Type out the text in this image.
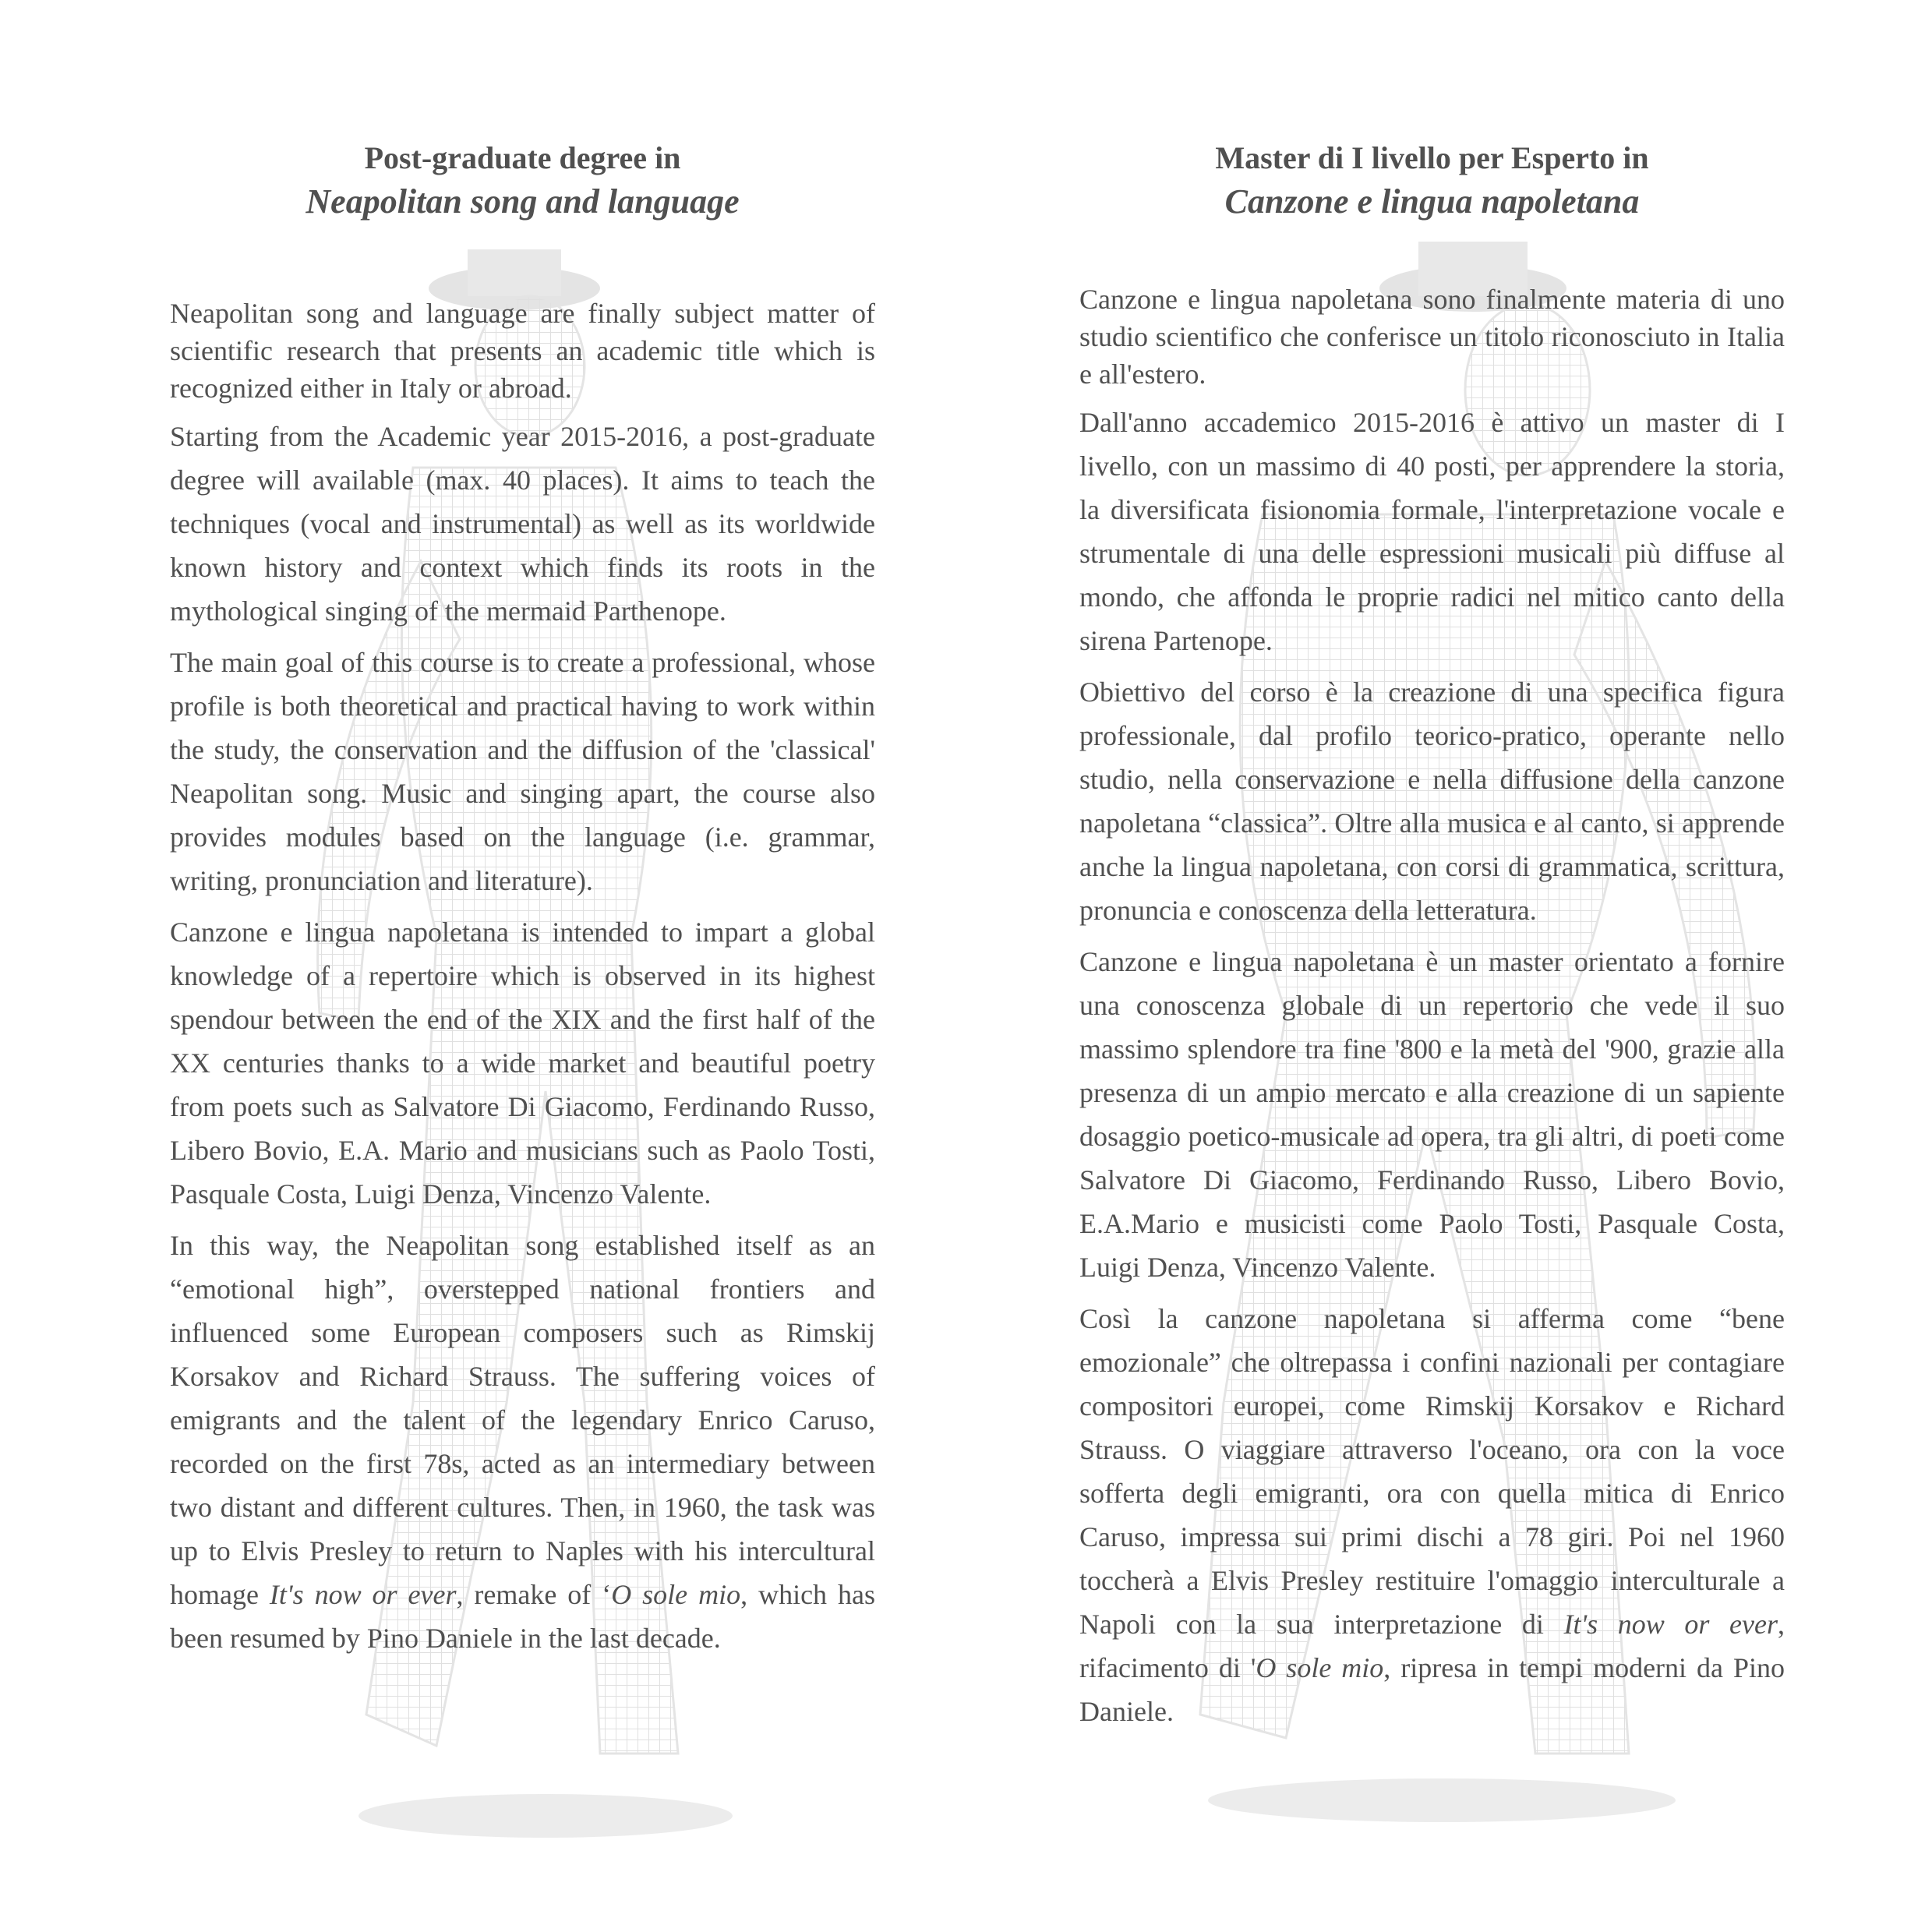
Post-graduate degree in
Neapolitan song and language

Neapolitan song and language are finally subject matter of scientific research that presents an academic title which is recognized either in Italy or abroad.

Starting from the Academic year 2015-2016, a post-graduate degree will available (max. 40 places). It aims to teach the techniques (vocal and instrumental) as well as its worldwide known history and context which finds its roots in the mythological singing of the mermaid Parthenope.

The main goal of this course is to create a professional, whose profile is both theoretical and practical having to work within the study, the conservation and the diffusion of the 'classical' Neapolitan song. Music and singing apart, the course also provides modules based on the language (i.e. grammar, writing, pronunciation and literature).

Canzone e lingua napoletana is intended to impart a global knowledge of a repertoire which is observed in its highest spendour between the end of the XIX and the first half of the XX centuries thanks to a wide market and beautiful poetry from poets such as Salvatore Di Giacomo, Ferdinando Russo, Libero Bovio, E.A. Mario and musicians such as Paolo Tosti, Pasquale Costa, Luigi Denza, Vincenzo Valente.

In this way, the Neapolitan song established itself as an “emotional high”, overstepped national frontiers and influenced some European composers such as Rimskij Korsakov and Richard Strauss. The suffering voices of emigrants and the talent of the legendary Enrico Caruso, recorded on the first 78s, acted as an intermediary between two distant and different cultures. Then, in 1960, the task was up to Elvis Presley to return to Naples with his intercultural homage It's now or ever, remake of ‘O sole mio, which has been resumed by Pino Daniele in the last decade.

Master di I livello per Esperto in
Canzone e lingua napoletana

Canzone e lingua napoletana sono finalmente materia di uno studio scientifico che conferisce un titolo riconosciuto in Italia e all'estero.

Dall'anno accademico 2015-2016 è attivo un master di I livello, con un massimo di 40 posti, per apprendere la storia, la diversificata fisionomia formale, l'interpretazione vocale e strumentale di una delle espressioni musicali più diffuse al mondo, che affonda le proprie radici nel mitico canto della sirena Partenope.

Obiettivo del corso è la creazione di una specifica figura professionale, dal profilo teorico-pratico, operante nello studio, nella conservazione e nella diffusione della canzone napoletana “classica”. Oltre alla musica e al canto, si apprende anche la lingua napoletana, con corsi di grammatica, scrittura, pronuncia e conoscenza della letteratura.

Canzone e lingua napoletana è un master orientato a fornire una conoscenza globale di un repertorio che vede il suo massimo splendore tra fine '800 e la metà del '900, grazie alla presenza di un ampio mercato e alla creazione di un sapiente dosaggio poetico-musicale ad opera, tra gli altri, di poeti come Salvatore Di Giacomo, Ferdinando Russo, Libero Bovio, E.A.Mario e musicisti come Paolo Tosti, Pasquale Costa, Luigi Denza, Vincenzo Valente.

Così la canzone napoletana si afferma come “bene emozionale” che oltrepassa i confini nazionali per contagiare compositori europei, come Rimskij Korsakov e Richard Strauss. O viaggiare attraverso l'oceano, ora con la voce sofferta degli emigranti, ora con quella mitica di Enrico Caruso, impressa sui primi dischi a 78 giri. Poi nel 1960 toccherà a Elvis Presley restituire l'omaggio interculturale a Napoli con la sua interpretazione di It's now or ever, rifacimento di 'O sole mio, ripresa in tempi moderni da Pino Daniele.
